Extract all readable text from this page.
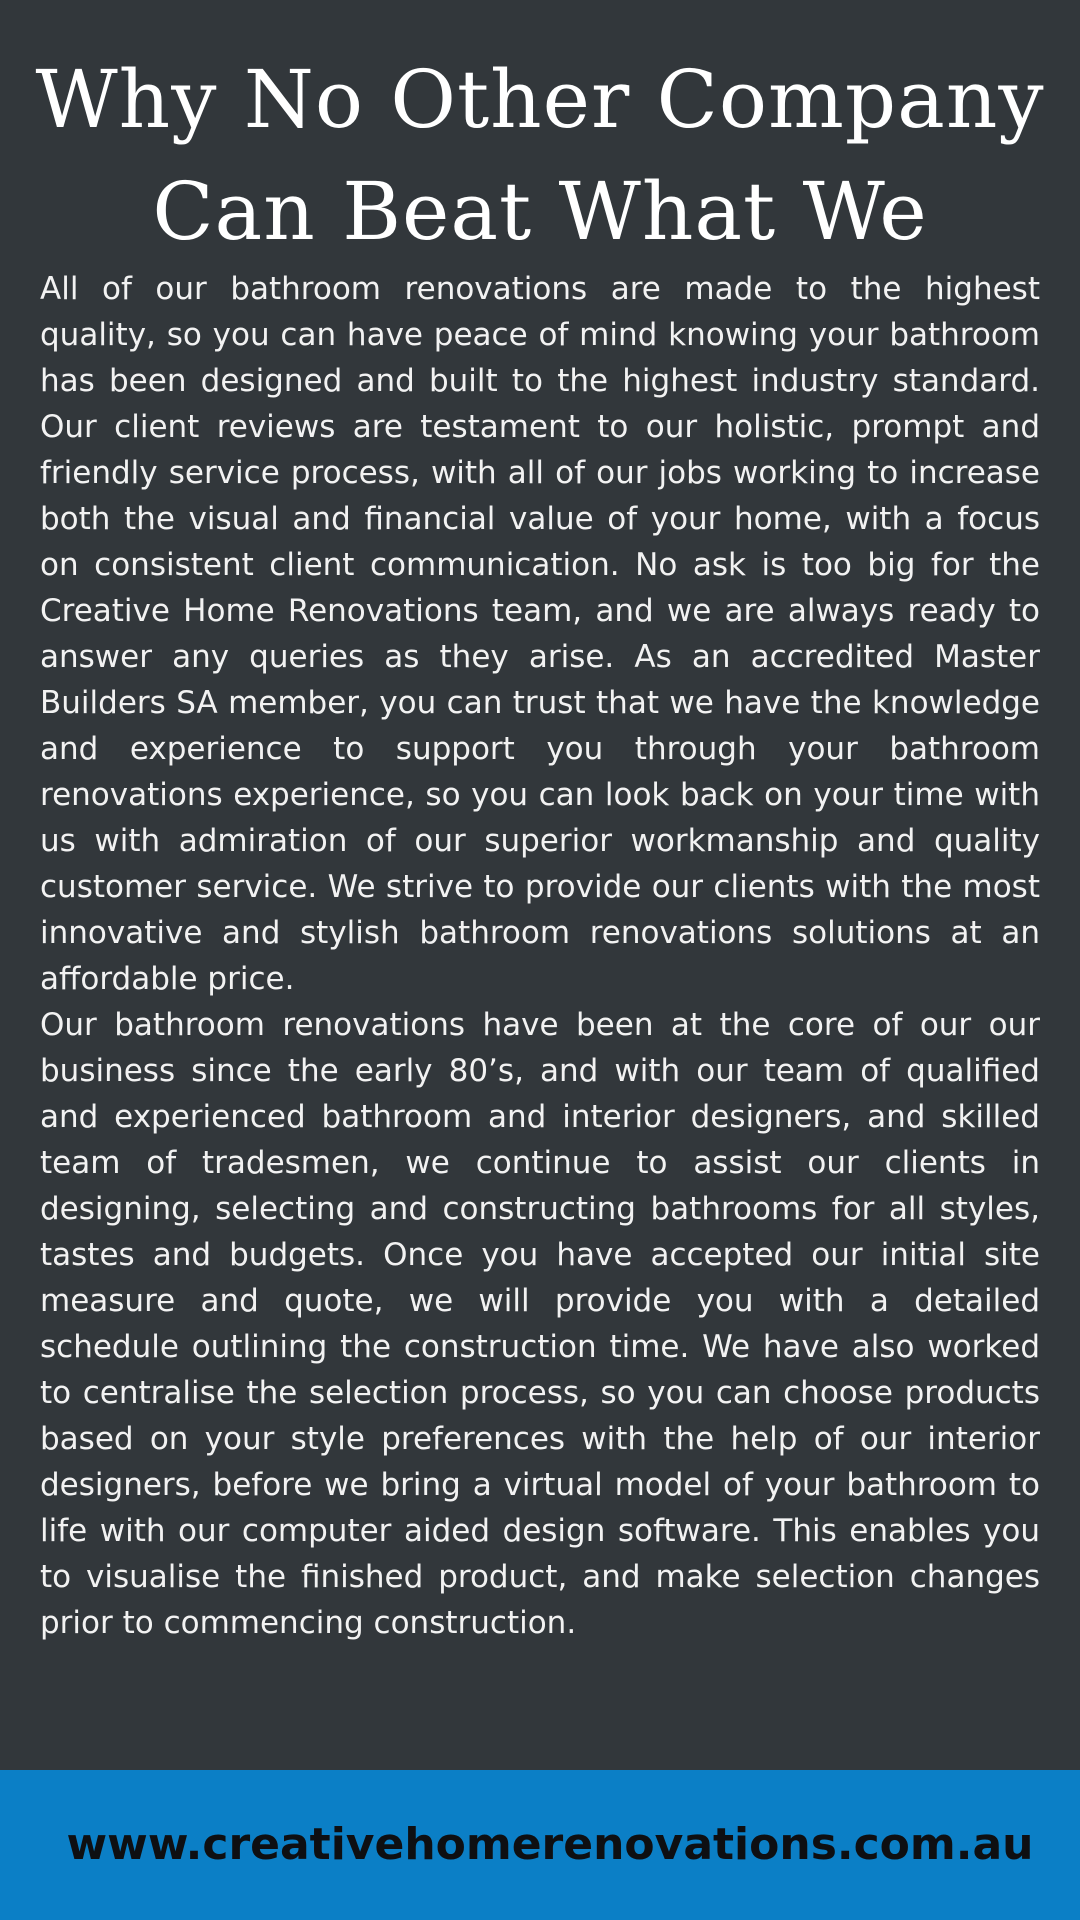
Why No Other Company Can Beat What We

All of our bathroom renovations are made to the highest quality, so you can have peace of mind knowing your bathroom has been designed and built to the highest industry standard. Our client reviews are testament to our holistic, prompt and friendly service process, with all of our jobs working to increase both the visual and financial value of your home, with a focus on consistent client communication. No ask is too big for the Creative Home Renovations team, and we are always ready to answer any queries as they arise. As an accredited Master Builders SA member, you can trust that we have the knowledge and experience to support you through your bathroom renovations experience, so you can look back on your time with us with admiration of our superior workmanship and quality customer service. We strive to provide our clients with the most innovative and stylish bathroom renovations solutions at an affordable price.

Our bathroom renovations have been at the core of our our business since the early 80’s, and with our team of qualified and experienced bathroom and interior designers, and skilled team of tradesmen, we continue to assist our clients in designing, selecting and constructing bathrooms for all styles, tastes and budgets. Once you have accepted our initial site measure and quote, we will provide you with a detailed schedule outlining the construction time. We have also worked to centralise the selection process, so you can choose products based on your style preferences with the help of our interior designers, before we bring a virtual model of your bathroom to life with our computer aided design software. This enables you to visualise the finished product, and make selection changes prior to commencing construction.

www.creativehomerenovations.com.au
